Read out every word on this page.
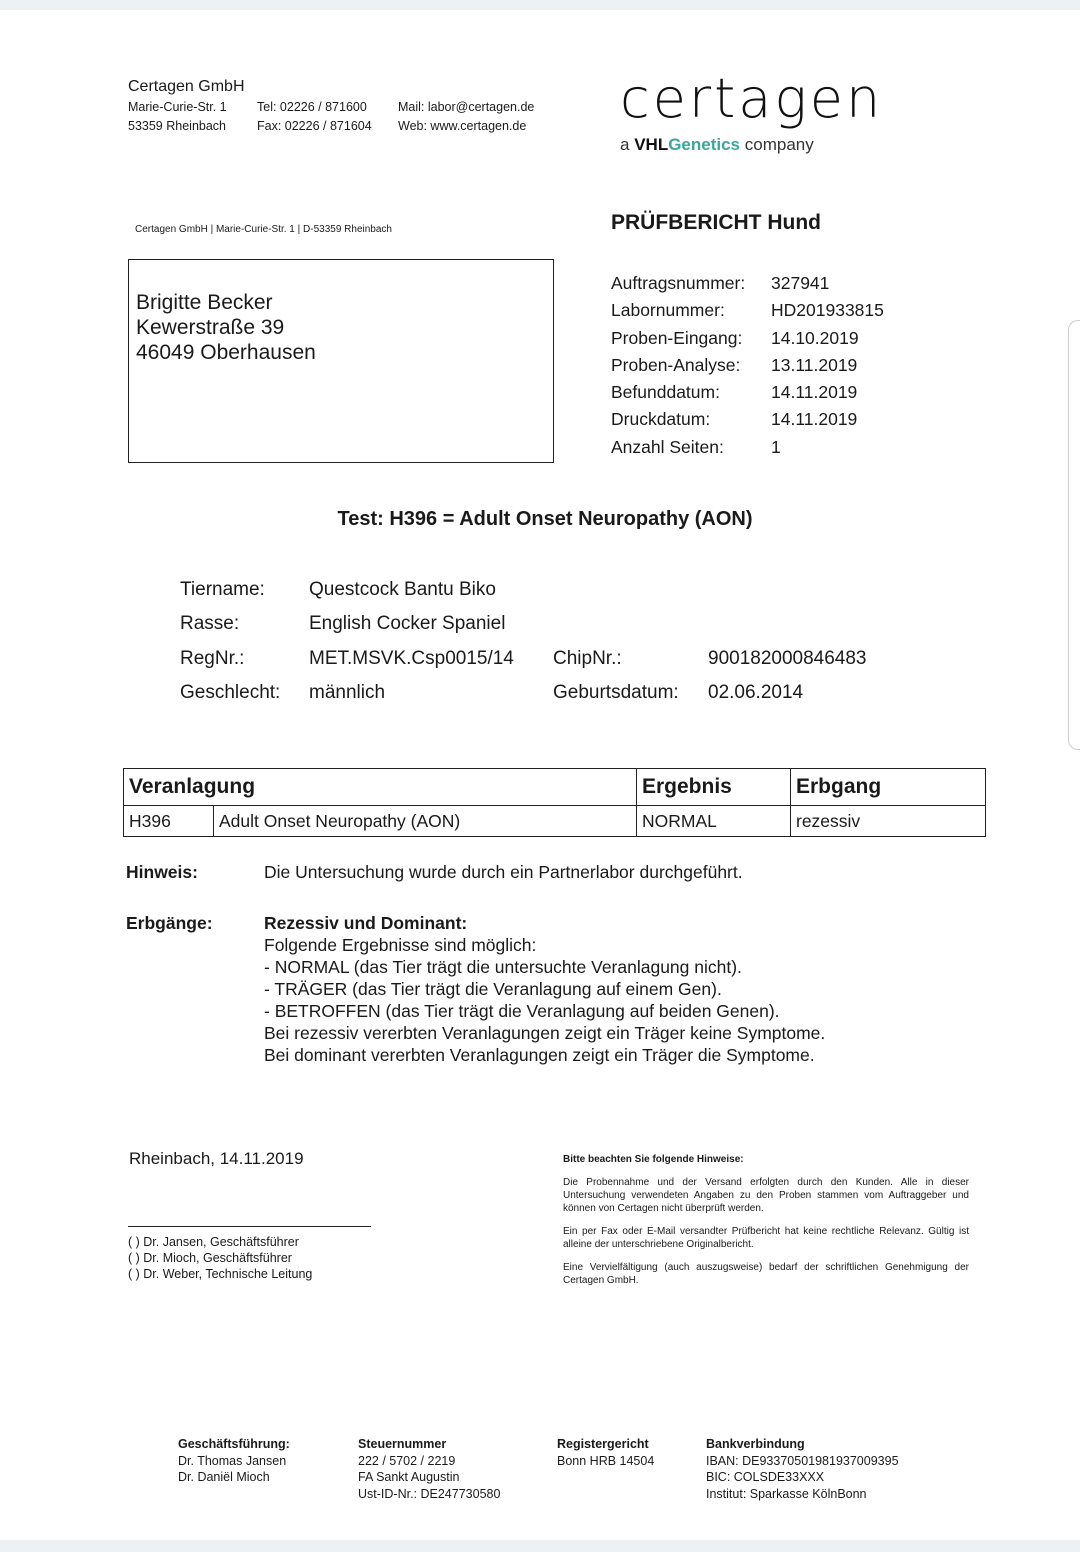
Certagen GmbH
Marie-Curie-Str. 1
53359 Rheinbach
Tel: 02226 / 871600
Fax: 02226 / 871604
Mail: labor@certagen.de
Web: www.certagen.de certagen
a VHLGenetics company
Certagen GmbH | Marie-Curie-Str. 1 | D-53359 Rheinbach
Brigitte Becker
Kewerstraße 39
46049 Oberhausen
PRÜFBERICHT Hund
Auftragsnummer: 327941
Labornummer:	HD201933815
Proben-Eingang: 14.10.2019
Proben-Analyse: 13.11.2019
Befunddatum:	14.11.2019
Druckdatum:	14.11.2019
Anzahl Seiten:	1
Test: H396 = Adult Onset Neuropathy (AON)
Tiername: Questcock Bantu Biko
Rasse:	English Cocker Spaniel
RegNr.:	MET.MSVK.Csp0015/14 ChipNr.:	900182000846483
Geschlecht: männlich	Geburtsdatum: 02.06.2014
Veranlagung		Ergebnis	Erbgang
H396	Adult Onset Neuropathy (AON)	NORMAL	rezessiv
Hinweis:	Die Untersuchung wurde durch ein Partnerlabor durchgeführt.
Erbgänge:	Rezessiv und Dominant:
Folgende Ergebnisse sind möglich:
- NORMAL (das Tier trägt die untersuchte Veranlagung nicht).
- TRÄGER (das Tier trägt die Veranlagung auf einem Gen).
- BETROFFEN (das Tier trägt die Veranlagung auf beiden Genen).
Bei rezessiv vererbten Veranlagungen zeigt ein Träger keine Symptome.
Bei dominant vererbten Veranlagungen zeigt ein Träger die Symptome.
Rheinbach, 14.11.2019
( ) Dr. Jansen, Geschäftsführer
( ) Dr. Mioch, Geschäftsführer
( ) Dr. Weber, Technische Leitung

Bitte beachten Sie folgende Hinweise:

Die Probennahme und der Versand erfolgten durch den Kunden. Alle in dieser Untersuchung verwendeten Angaben zu den Proben stammen vom Auftraggeber und können von Certagen nicht überprüft werden.

Ein per Fax oder E-Mail versandter Prüfbericht hat keine rechtliche Relevanz. Gültig ist alleine der unterschriebene Originalbericht.

Eine Vervielfältigung (auch auszugsweise) bedarf der schriftlichen Genehmigung der Certagen GmbH.

Geschäftsführung:
Dr. Thomas Jansen
Dr. Daniël Mioch
Steuernummer
222 / 5702 / 2219
FA Sankt Augustin
Ust-ID-Nr.: DE247730580
Registergericht
Bonn HRB 14504
Bankverbindung
IBAN: DE93370501981937009395
BIC: COLSDE33XXX
Institut: Sparkasse KölnBonn
